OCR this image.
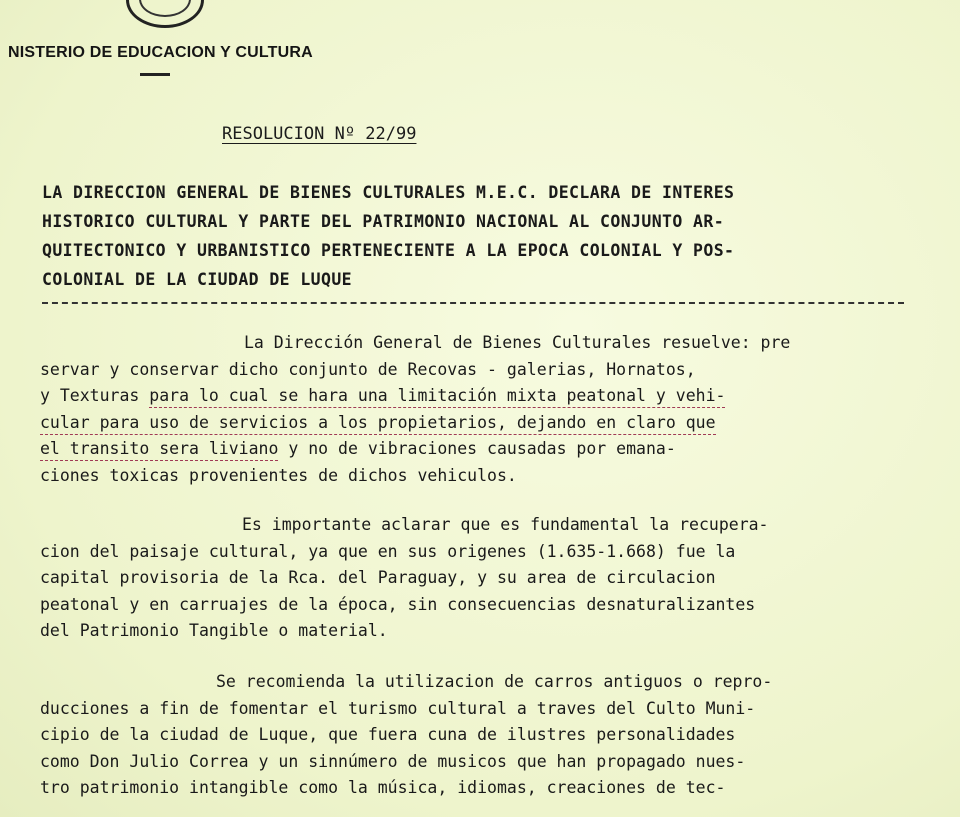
NISTERIO DE EDUCACION Y CULTURA
RESOLUCION Nº 22/99
LA DIRECCION GENERAL DE BIENES CULTURALES M.E.C. DECLARA DE INTERES
HISTORICO CULTURAL Y PARTE DEL PATRIMONIO NACIONAL AL CONJUNTO AR-
QUITECTONICO Y URBANISTICO PERTENECIENTE A LA EPOCA COLONIAL Y POS-
COLONIAL DE LA CIUDAD DE LUQUE
La Dirección General de Bienes Culturales resuelve: pre
servar y conservar dicho conjunto de Recovas - galerias, Hornatos,
y Texturas para lo cual se hara una limitación mixta peatonal y vehi-
cular para uso de servicios a los propietarios, dejando en claro que
el transito sera liviano y no de vibraciones causadas por emana-
ciones toxicas provenientes de dichos vehiculos.
Es importante aclarar que es fundamental la recupera-
cion del paisaje cultural, ya que en sus origenes (1.635-1.668) fue la
capital provisoria de la Rca. del Paraguay, y su area de circulacion
peatonal y en carruajes de la época, sin consecuencias desnaturalizantes
del Patrimonio Tangible o material.
Se recomienda la utilizacion de carros antiguos o repro-
ducciones a fin de fomentar el turismo cultural a traves del Culto Muni-
cipio de la ciudad de Luque, que fuera cuna de ilustres personalidades
como Don Julio Correa y un sinnúmero de musicos que han propagado nues-
tro patrimonio intangible como la música, idiomas, creaciones de tec-
